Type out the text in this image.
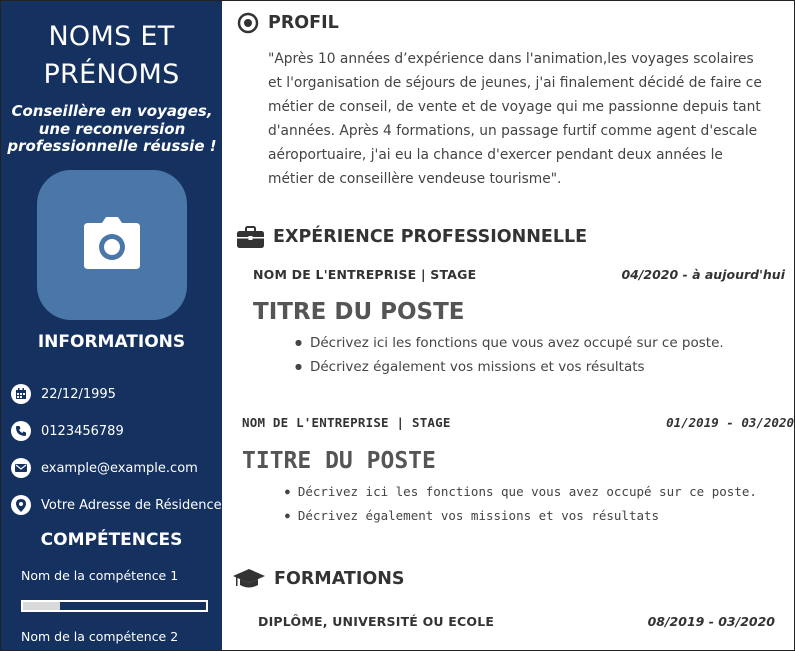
NOMS ET
PRÉNOMS
Conseillère en voyages, une reconversion professionnelle réussie !
INFORMATIONS
22/12/1995
0123456789
example@example.com
Votre Adresse de Résidence
COMPÉTENCES
Nom de la compétence 1
Nom de la compétence 2
PROFIL
"Après 10 années d’expérience dans l'animation,les voyages scolaires et l'organisation de séjours de jeunes, j'ai finalement décidé de faire ce métier de conseil, de vente et de voyage qui me passionne depuis tant d'années. Après 4 formations, un passage furtif comme agent d'escale aéroportuaire, j'ai eu la chance d'exercer pendant deux années le métier de conseillère vendeuse tourisme".
EXPÉRIENCE PROFESSIONNELLE
NOM DE L'ENTREPRISE | STAGE	04/2020 - à aujourd'hui
TITRE DU POSTE
● Décrivez ici les fonctions que vous avez occupé sur ce poste.
● Décrivez également vos missions et vos résultats
NOM DE L'ENTREPRISE | STAGE	01/2019 - 03/2020
TITRE DU POSTE
● Décrivez ici les fonctions que vous avez occupé sur ce poste.
● Décrivez également vos missions et vos résultats
FORMATIONS
DIPLÔME, UNIVERSITÉ OU ECOLE	08/2019 - 03/2020
